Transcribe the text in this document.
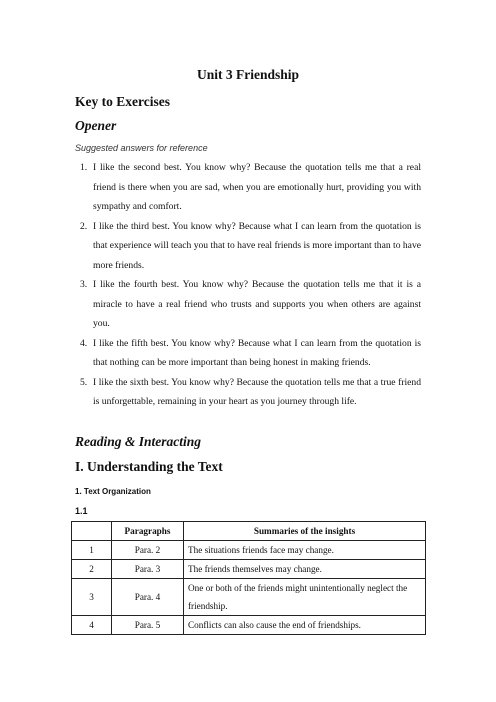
Unit 3 Friendship
Key to Exercises
Opener
Suggested answers for reference
1. I like the second best. You know why? Because the quotation tells me that a real friend is there when you are sad, when you are emotionally hurt, providing you with sympathy and comfort.
2. I like the third best. You know why? Because what I can learn from the quotation is that experience will teach you that to have real friends is more important than to have more friends.
3. I like the fourth best. You know why? Because the quotation tells me that it is a miracle to have a real friend who trusts and supports you when others are against you.
4. I like the fifth best. You know why? Because what I can learn from the quotation is that nothing can be more important than being honest in making friends.
5. I like the sixth best. You know why? Because the quotation tells me that a true friend is unforgettable, remaining in your heart as you journey through life.
Reading & Interacting
I. Understanding the Text
1. Text Organization
1.1
	Paragraphs	Summaries of the insights
1	Para. 2	The situations friends face may change.
2	Para. 3	The friends themselves may change.
3	Para. 4	One or both of the friends might unintentionally neglect the friendship.
4	Para. 5	Conflicts can also cause the end of friendships.
